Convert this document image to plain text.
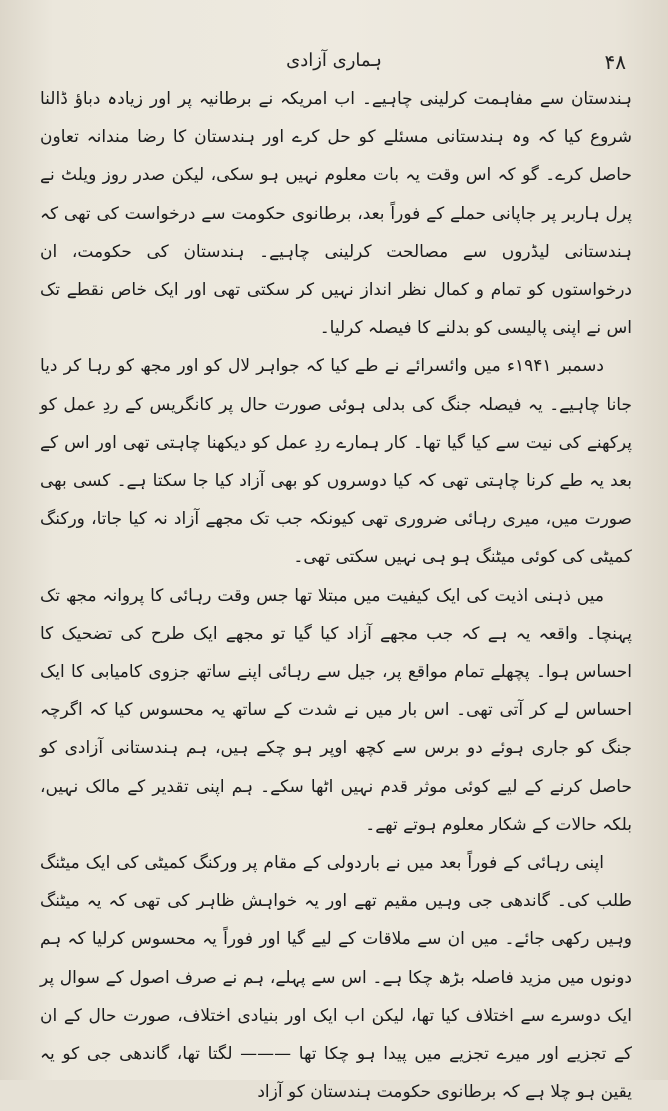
ہماری آزادی	۴۸

ہندستان سے مفاہمت کرلینی چاہیے۔ اب امریکہ نے برطانیہ پر اور زیادہ دباؤ ڈالنا شروع کیا کہ وہ ہندستانی مسئلے کو حل کرے اور ہندستان کا رضا مندانہ تعاون حاصل کرے۔ گو کہ اس وقت یہ بات معلوم نہیں ہو سکی، لیکن صدر روز ویلٹ نے پرل ہاربر پر جاپانی حملے کے فوراً بعد، برطانوی حکومت سے درخواست کی تھی کہ ہندستانی لیڈروں سے مصالحت کرلینی چاہیے۔ ہندستان کی حکومت، ان درخواستوں کو تمام و کمال نظر انداز نہیں کر سکتی تھی اور ایک خاص نقطے تک اس نے اپنی پالیسی کو بدلنے کا فیصلہ کرلیا۔

دسمبر ۱۹۴۱ء میں وائسرائے نے طے کیا کہ جواہر لال کو اور مجھ کو رہا کر دیا جانا چاہیے۔ یہ فیصلہ جنگ کی بدلی ہوئی صورت حال پر کانگریس کے ردِ عمل کو پرکھنے کی نیت سے کیا گیا تھا۔ کار ہمارے ردِ عمل کو دیکھنا چاہتی تھی اور اس کے بعد یہ طے کرنا چاہتی تھی کہ کیا دوسروں کو بھی آزاد کیا جا سکتا ہے۔ کسی بھی صورت میں، میری رہائی ضروری تھی کیونکہ جب تک مجھے آزاد نہ کیا جاتا، ورکنگ کمیٹی کی کوئی میٹنگ ہو ہی نہیں سکتی تھی۔

میں ذہنی اذیت کی ایک کیفیت میں مبتلا تھا جس وقت رہائی کا پروانہ مجھ تک پہنچا۔ واقعہ یہ ہے کہ جب مجھے آزاد کیا گیا تو مجھے ایک طرح کی تضحیک کا احساس ہوا۔ پچھلے تمام مواقع پر، جیل سے رہائی اپنے ساتھ جزوی کامیابی کا ایک احساس لے کر آتی تھی۔ اس بار میں نے شدت کے ساتھ یہ محسوس کیا کہ اگرچہ جنگ کو جاری ہوئے دو برس سے کچھ اوپر ہو چکے ہیں، ہم ہندستانی آزادی کو حاصل کرنے کے لیے کوئی موثر قدم نہیں اٹھا سکے۔ ہم اپنی تقدیر کے مالک نہیں، بلکہ حالات کے شکار معلوم ہوتے تھے۔

اپنی رہائی کے فوراً بعد میں نے باردولی کے مقام پر ورکنگ کمیٹی کی ایک میٹنگ طلب کی۔ گاندھی جی وہیں مقیم تھے اور یہ خواہش ظاہر کی تھی کہ یہ میٹنگ وہیں رکھی جائے۔ میں ان سے ملاقات کے لیے گیا اور فوراً یہ محسوس کرلیا کہ ہم دونوں میں مزید فاصلہ بڑھ چکا ہے۔ اس سے پہلے، ہم نے صرف اصول کے سوال پر ایک دوسرے سے اختلاف کیا تھا، لیکن اب ایک اور بنیادی اختلاف، صورت حال کے ان کے تجزیے اور میرے تجزیے میں پیدا ہو چکا تھا ——— لگتا تھا، گاندھی جی کو یہ یقین ہو چلا ہے کہ برطانوی حکومت ہندستان کو آزاد
